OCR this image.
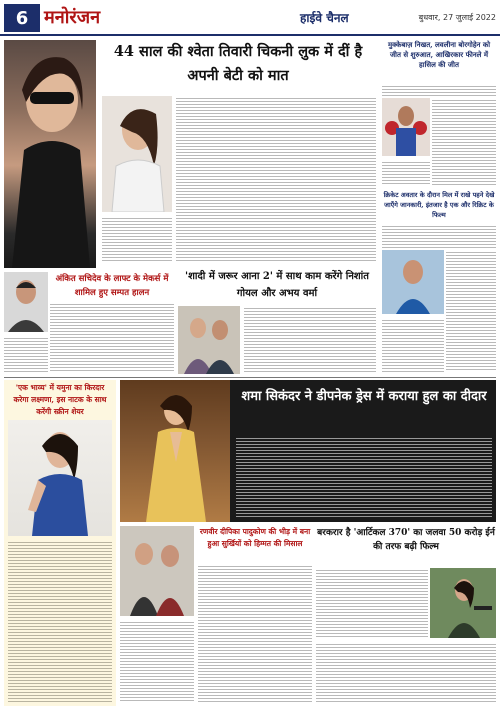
6 मनोरंजन	हाईवे चैनल	बुधवार, 27 जुलाई 2022
44 साल की श्वेता तिवारी चिकनी लुक में दीं है अपनी बेटी को मात
अंकित सचिदेव के लाफ्ट के मेकर्स में शामिल हुए सम्पत हालन
'शादी में जरूर आना 2' में साथ काम करेंगे निशांत गोयल और अभय वर्मा
मुक्केबाज़ निखत, लवलीना बोरगोहेन को जीत से शुरुआत, आखिरकार फीनले में हासिल की जीत
क्रिकेट अवतार के दौरान मिल में राखे पहने देखे जाएँगे जानकारी, इंतजार है एक और रिक्रिट के फिल्म
'एक भाव्य' में यमुना का किरदार करेगा लक्ष्मणा, इस नाटक के साथ करेंगी स्क्रीन शेयर
शमा सिकंदर ने डीपनेक ड्रेस में कराया हुल का दीदार
रणवीर दीपिका पादुकोण की भीड़ में बना हुआ सुर्खियों को हिम्मत की मिसाल
बरकरार है 'आर्टिकल 370' का जलवा 50 करोड़ ईर्न की तरफ बढ़ी फिल्म
